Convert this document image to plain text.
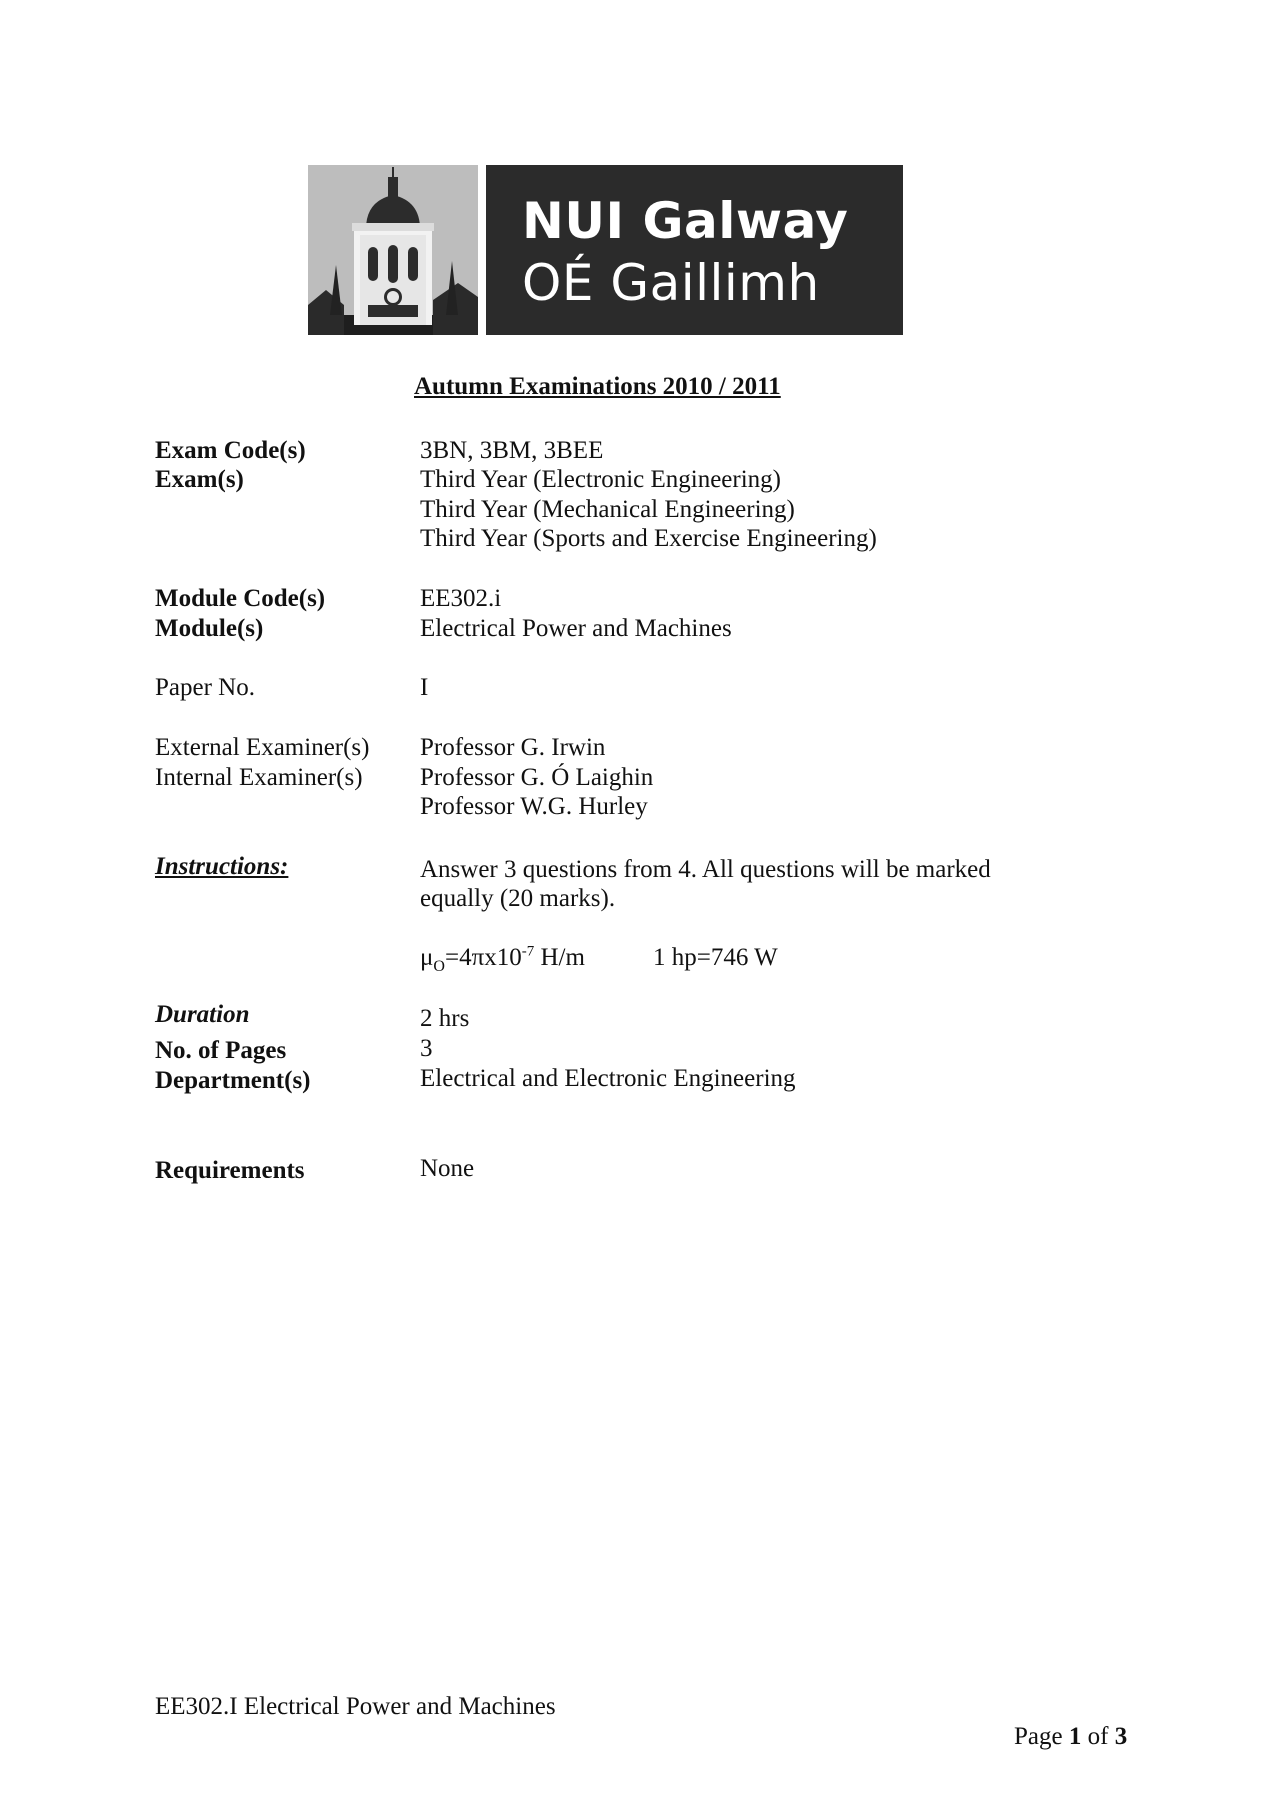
NUI Galway
OÉ Gaillimh
Autumn Examinations 2010 / 2011
Exam Code(s)	3BN, 3BM, 3BEE
Exam(s)	Third Year (Electronic Engineering)
Third Year (Mechanical Engineering)
Third Year (Sports and Exercise Engineering)
Module Code(s)	EE302.i
Module(s)	Electrical Power and Machines
Paper No.	I
External Examiner(s) Professor G. Irwin
Internal Examiner(s) Professor G. Ó Laighin
Professor W.G. Hurley
Instructions:	Answer 3 questions from 4. All questions will be marked
equally (20 marks).
$\mu_O=4\pi x10^{-7}$ H/m	1 hp=746 W
Duration	2 hrs
No. of Pages	3
Department(s)	Electrical and Electronic Engineering
Requirements	None
EE302.I Electrical Power and Machines
Page 1 of 3
